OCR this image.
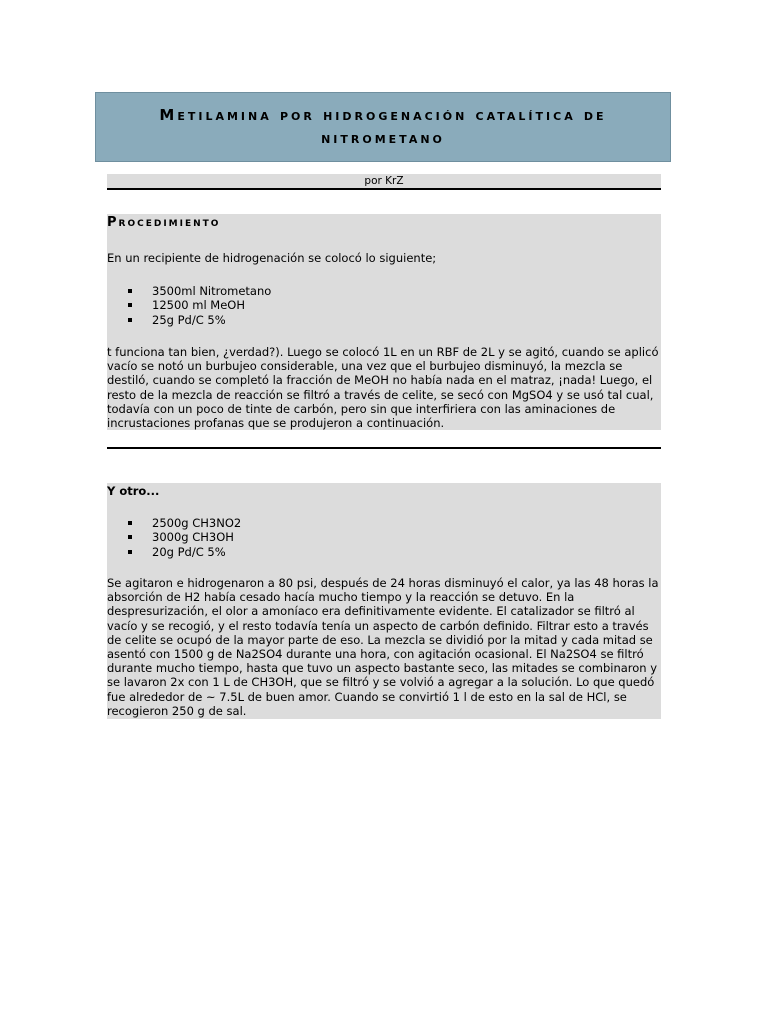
Metilamina por hidrogenación catalítica de nitrometano
por KrZ
Procedimiento
En un recipiente de hidrogenación se colocó lo siguiente;
3500ml Nitrometano
12500 ml MeOH
25g Pd/C 5%
t funciona tan bien, ¿verdad?). Luego se colocó 1L en un RBF de 2L y se agitó, cuando se aplicó vacío se notó un burbujeo considerable, una vez que el burbujeo disminuyó, la mezcla se destiló, cuando se completó la fracción de MeOH no había nada en el matraz, ¡nada! Luego, el resto de la mezcla de reacción se filtró a través de celite, se secó con MgSO4 y se usó tal cual, todavía con un poco de tinte de carbón, pero sin que interfiriera con las aminaciones de incrustaciones profanas que se produjeron a continuación.
Y otro...
2500g CH3NO2
3000g CH3OH
20g Pd/C 5%
Se agitaron e hidrogenaron a 80 psi, después de 24 horas disminuyó el calor, ya las 48 horas la absorción de H2 había cesado hacía mucho tiempo y la reacción se detuvo. En la despresurización, el olor a amoníaco era definitivamente evidente. El catalizador se filtró al vacío y se recogió, y el resto todavía tenía un aspecto de carbón definido. Filtrar esto a través de celite se ocupó de la mayor parte de eso. La mezcla se dividió por la mitad y cada mitad se asentó con 1500 g de Na2SO4 durante una hora, con agitación ocasional. El Na2SO4 se filtró durante mucho tiempo, hasta que tuvo un aspecto bastante seco, las mitades se combinaron y se lavaron 2x con 1 L de CH3OH, que se filtró y se volvió a agregar a la solución. Lo que quedó fue alrededor de ~ 7.5L de buen amor. Cuando se convirtió 1 l de esto en la sal de HCl, se recogieron 250 g de sal.
